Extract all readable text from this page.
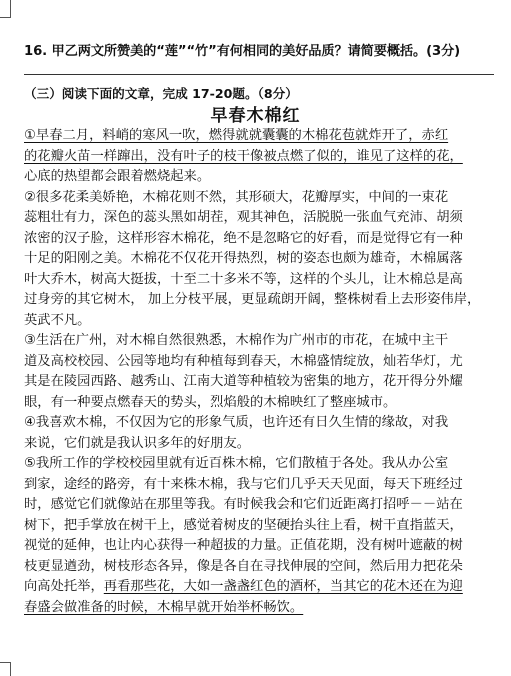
16. 甲乙两文所赞美的“莲”“竹”有何相同的美好品质？请简要概括。(3分)
（三）阅读下面的文章，完成 17-20题。（8分）
早春木棉红
①早春二月，料峭的寒风一吹，燃得就就囊囊的木棉花苞就炸开了，赤红
的花瓣火苗一样蹿出，没有叶子的枝干像被点燃了似的，谁见了这样的花，
心底的热望都会跟着燃烧起来。
②很多花柔美娇艳，木棉花则不然，其形硕大，花瓣厚实，中间的一束花
蕊粗壮有力，深色的蕊头黑如胡茬，观其神色，活脱脱一张血气充沛、胡须
浓密的汉子脸，这样形容木棉花，绝不是忽略它的好看，而是觉得它有一种
十足的阳刚之美。木棉花不仅花开得热烈，树的姿态也颇为雄奇，木棉属落
叶大乔木，树高大挺拔，十至二十多米不等，这样的个头儿，让木棉总是高
过身旁的其它树木， 加上分枝平展，更显疏朗开阔，整株树看上去形姿伟岸，
英武不凡。
③生活在广州，对木棉自然很熟悉，木棉作为广州市的市花，在城中主干
道及高校校园、公园等地均有种植每到春天，木棉盛情绽放，灿若华灯，尤
其是在陵园西路、越秀山、江南大道等种植较为密集的地方，花开得分外耀
眼，有一种要点燃春天的势头，烈焰般的木棉映红了整座城市。
④我喜欢木棉，不仅因为它的形象气质，也许还有日久生情的缘故，对我
来说，它们就是我认识多年的好朋友。
⑤我所工作的学校校园里就有近百株木棉，它们散植于各处。我从办公室
到家，途经的路旁，有十来株木棉，我与它们几乎天天见面，每天下班经过
时，感觉它们就像站在那里等我。有时候我会和它们近距离打招呼－－站在
树下，把手掌放在树干上，感觉着树皮的坚硬抬头往上看，树干直指蓝天，
视觉的延伸，也让内心获得一种超拔的力量。正值花期，没有树叶遮蔽的树
枝更显遒劲，树枝形态各异，像是各自在寻找伸展的空间，然后用力把花朵
向高处托举，再看那些花，大如一盏盏红色的酒杯，当其它的花木还在为迎
春盛会做准备的时候，木棉早就开始举杯畅饮。
